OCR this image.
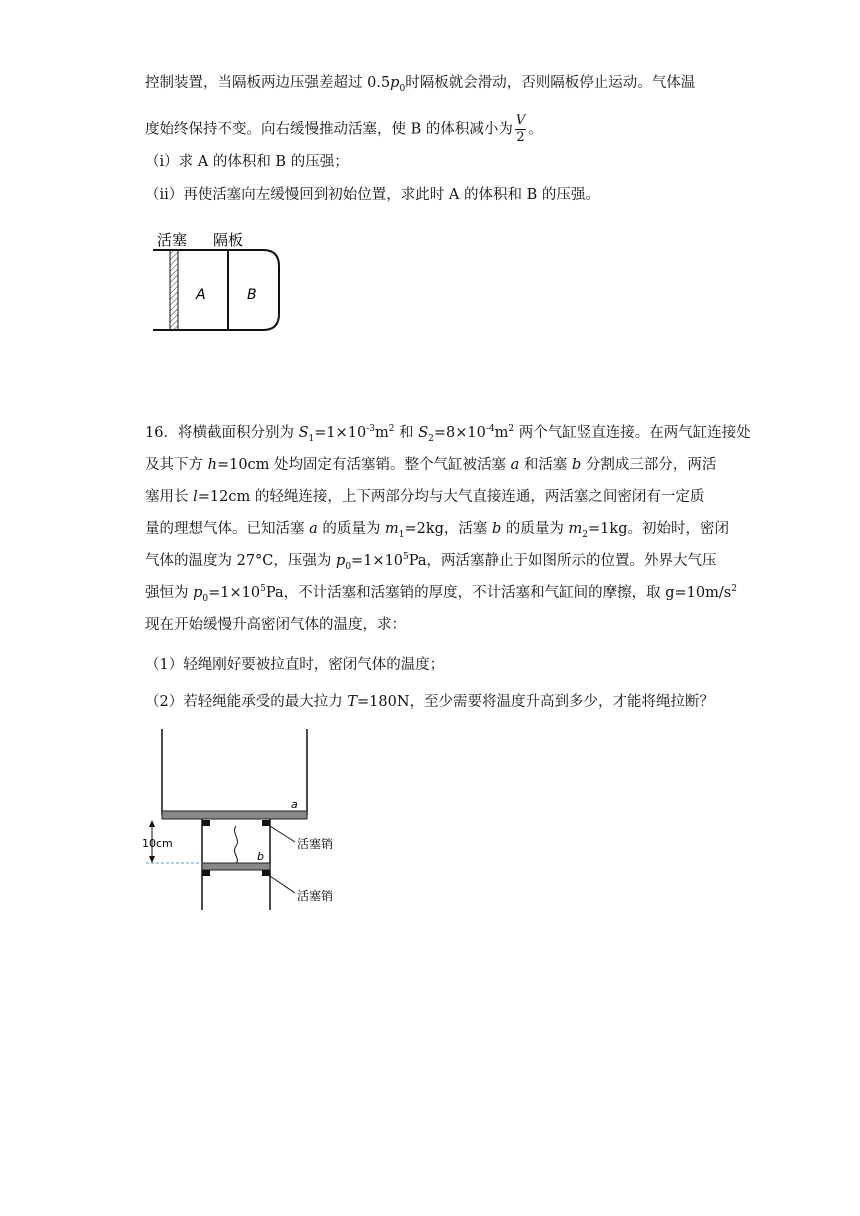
控制装置，当隔板两边压强差超过 $0.5p_0$时隔板就会滑动，否则隔板停止运动。气体温
度始终保持不变。向右缓慢推动活塞，使 B 的体积减小为 $\frac{V}{2}$ 。
（i）求 A 的体积和 B 的压强；
（ii）再使活塞向左缓慢回到初始位置，求此时 A 的体积和 B 的压强。
活塞 隔板
A	B
16．将横截面积分别为 $S_1=1\times 10^{-3}m^2$ 和 $S_2=8\times 10^{-4}m^2$ 两个气缸竖直连接。在两气缸连接处
及其下方 h=10cm 处均固定有活塞销。整个气缸被活塞 a 和活塞 b 分割成三部分，两活
塞用长 l=12cm 的轻绳连接，上下两部分均与大气直接连通，两活塞之间密闭有一定质
量的理想气体。已知活塞 a 的质量为 $m_1=2kg$，活塞 b 的质量为 $m_2=1kg$。初始时，密闭
气体的温度为 27°C，压强为 $p_0=1\times 10^5Pa$，两活塞静止于如图所示的位置。外界大气压
强恒为 $p_0=1\times 10^5Pa$，不计活塞和活塞销的厚度，不计活塞和气缸间的摩擦，取 $g=10m/s^2$
现在开始缓慢升高密闭气体的温度，求：
（1）轻绳刚好要被拉直时，密闭气体的温度；
（2）若轻绳能承受的最大拉力 T=180N，至少需要将温度升高到多少，才能将绳拉断？
a
b
活塞销
活塞销
10cm
